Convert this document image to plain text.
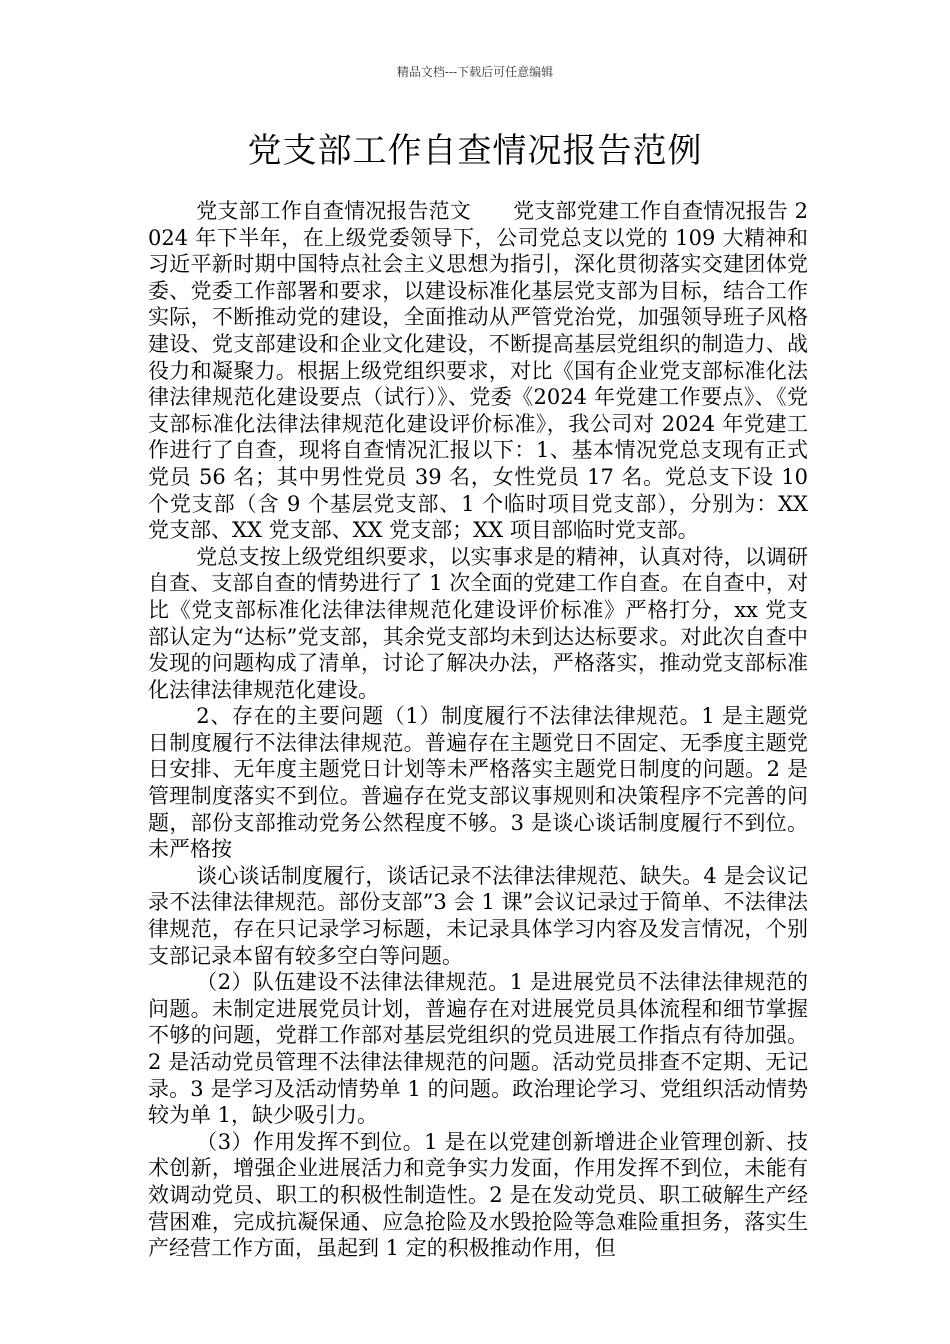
精品文档---下载后可任意编辑
党支部工作自查情况报告范例

党支部工作自查情况报告范文　　党支部党建工作自查情况报告 2024 年下半年，在上级党委领导下，公司党总支以党的 109 大精神和习近平新时期中国特点社会主义思想为指引，深化贯彻落实交建团体党委、党委工作部署和要求，以建设标准化基层党支部为目标，结合工作实际，不断推动党的建设，全面推动从严管党治党，加强领导班子风格建设、党支部建设和企业文化建设，不断提高基层党组织的制造力、战役力和凝聚力。根据上级党组织要求，对比《国有企业党支部标准化法律法律规范化建设要点（试行）》、党委《2024 年党建工作要点》、《党支部标准化法律法律规范化建设评价标准》，我公司对 2024 年党建工作进行了自查，现将自查情况汇报以下：1、基本情况党总支现有正式党员 56 名；其中男性党员 39 名，女性党员 17 名。党总支下设 10 个党支部（含 9 个基层党支部、1 个临时项目党支部），分别为：XX 党支部、XX 党支部、XX 党支部；XX 项目部临时党支部。

党总支按上级党组织要求，以实事求是的精神，认真对待，以调研自查、支部自查的情势进行了 1 次全面的党建工作自查。在自查中，对比《党支部标准化法律法律规范化建设评价标准》严格打分，xx 党支部认定为“达标”党支部，其余党支部均未到达达标要求。对此次自查中发现的问题构成了清单，讨论了解决办法，严格落实，推动党支部标准化法律法律规范化建设。

2、存在的主要问题（1）制度履行不法律法律规范。1 是主题党日制度履行不法律法律规范。普遍存在主题党日不固定、无季度主题党日安排、无年度主题党日计划等未严格落实主题党日制度的问题。2 是管理制度落实不到位。普遍存在党支部议事规则和决策程序不完善的问题，部份支部推动党务公然程度不够。3 是谈心谈话制度履行不到位。未严格按

谈心谈话制度履行，谈话记录不法律法律规范、缺失。4 是会议记录不法律法律规范。部份支部”3 会 1 课”会议记录过于简单、不法律法律规范，存在只记录学习标题，未记录具体学习内容及发言情况，个别支部记录本留有较多空白等问题。

（2）队伍建设不法律法律规范。1 是进展党员不法律法律规范的问题。未制定进展党员计划，普遍存在对进展党员具体流程和细节掌握不够的问题，党群工作部对基层党组织的党员进展工作指点有待加强。2 是活动党员管理不法律法律规范的问题。活动党员排查不定期、无记录。3 是学习及活动情势单 1 的问题。政治理论学习、党组织活动情势较为单 1，缺少吸引力。

（3）作用发挥不到位。1 是在以党建创新增进企业管理创新、技术创新，增强企业进展活力和竞争实力发面，作用发挥不到位，未能有效调动党员、职工的积极性制造性。2 是在发动党员、职工破解生产经营困难，完成抗凝保通、应急抢险及水毁抢险等急难险重担务，落实生产经营工作方面，虽起到 1 定的积极推动作用，但
